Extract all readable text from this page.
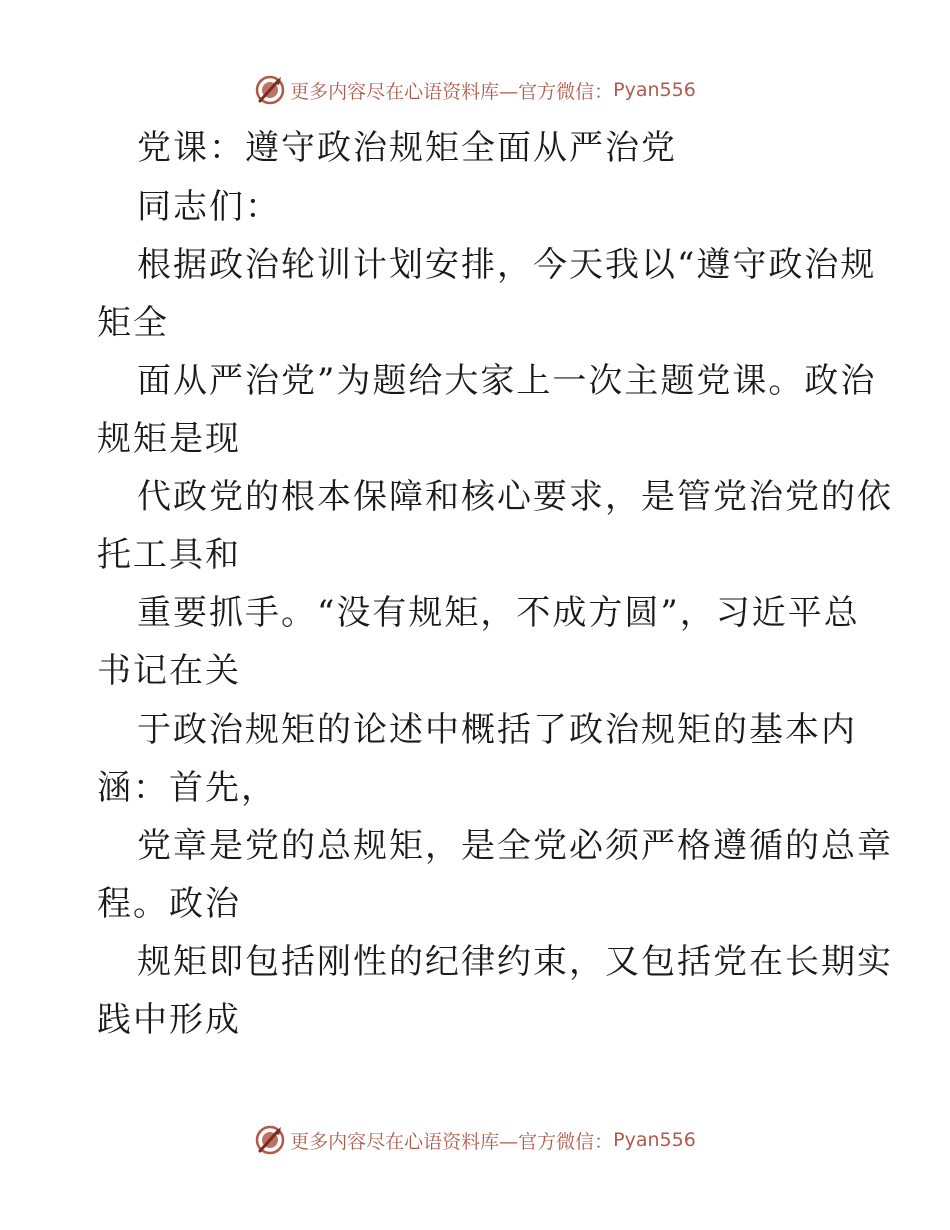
更多内容尽在心语资料库—官方微信： Pyan556
党课：遵守政治规矩全面从严治党
同志们：
根据政治轮训计划安排，今天我以“遵守政治规
矩全
面从严治党”为题给大家上一次主题党课。政治
规矩是现
代政党的根本保障和核心要求，是管党治党的依
托工具和
重要抓手。“没有规矩，不成方圆”，习近平总
书记在关
于政治规矩的论述中概括了政治规矩的基本内
涵：首先，
党章是党的总规矩，是全党必须严格遵循的总章
程。政治
规矩即包括刚性的纪律约束，又包括党在长期实
践中形成
更多内容尽在心语资料库—官方微信： Pyan556
